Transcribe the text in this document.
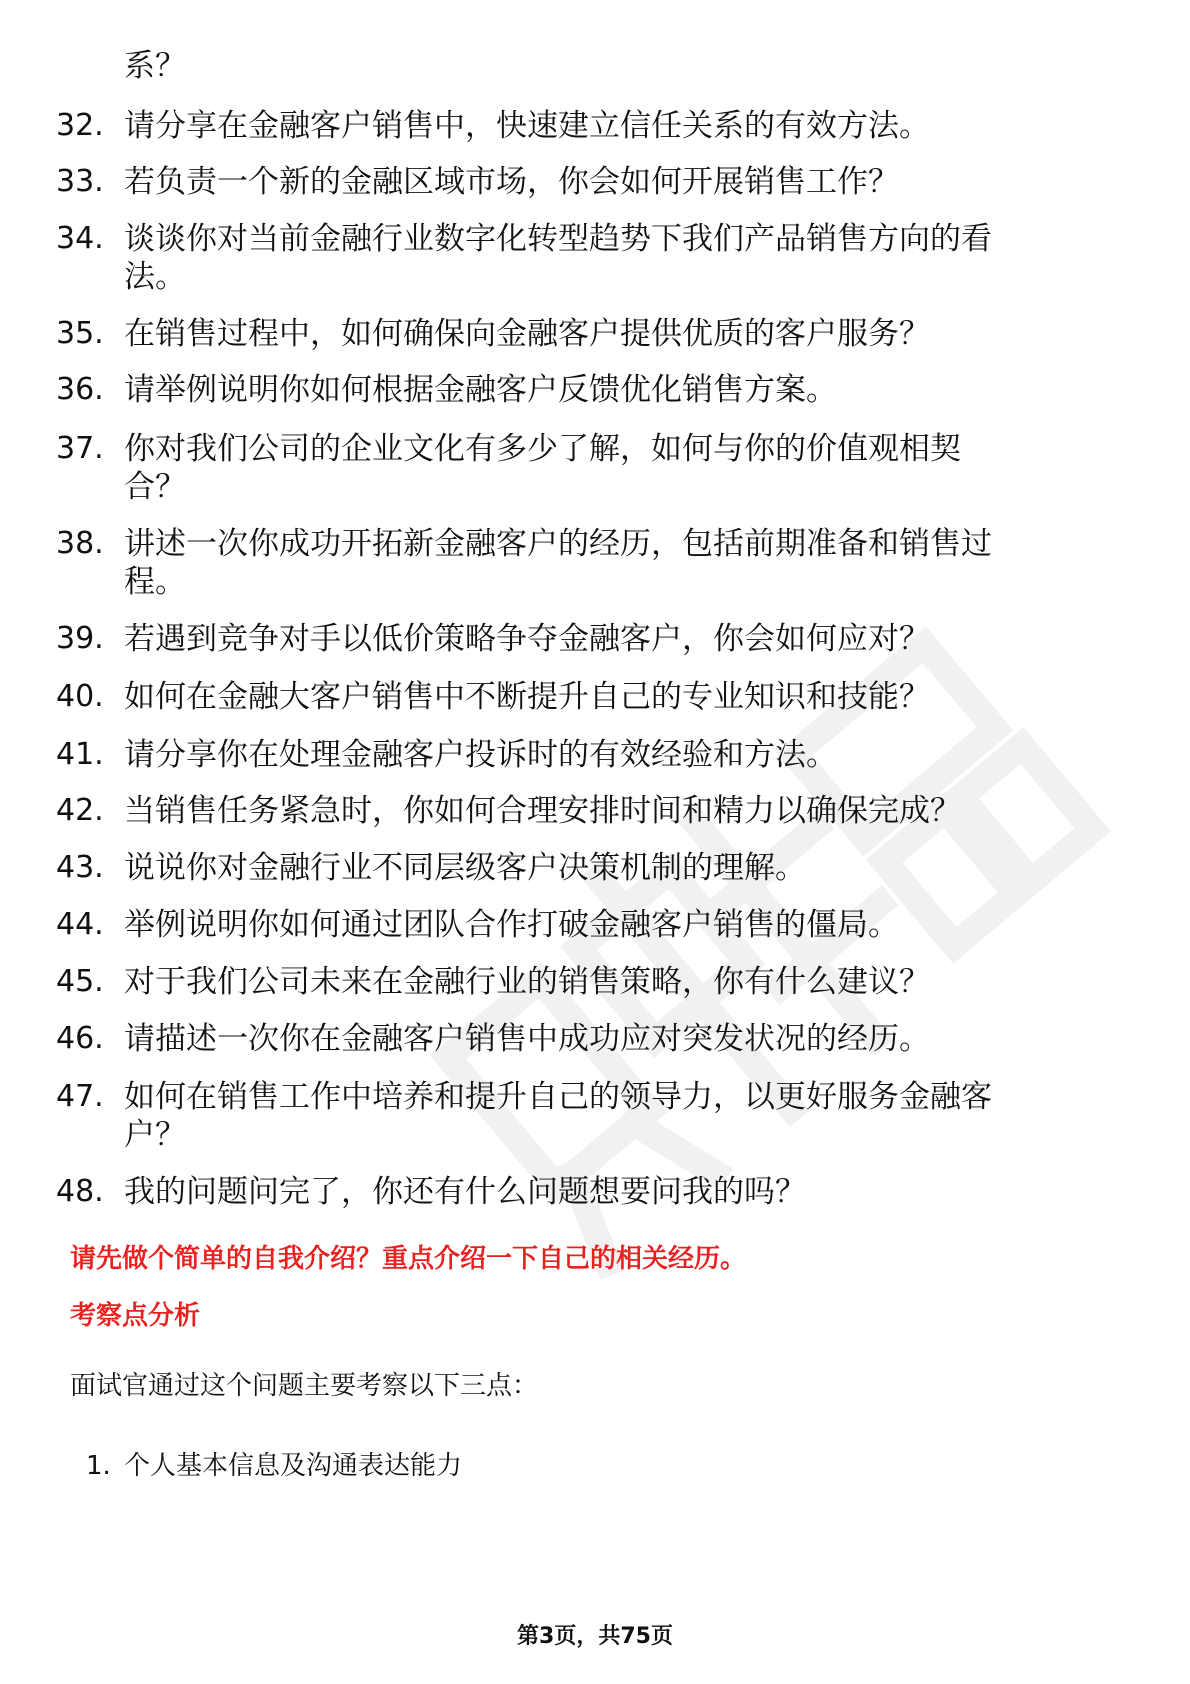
系？
32. 请分享在金融客户销售中，快速建立信任关系的有效方法。
33. 若负责一个新的金融区域市场，你会如何开展销售工作？
34. 谈谈你对当前金融行业数字化转型趋势下我们产品销售方向的看
法。
35. 在销售过程中，如何确保向金融客户提供优质的客户服务？
36. 请举例说明你如何根据金融客户反馈优化销售方案。
37. 你对我们公司的企业文化有多少了解，如何与你的价值观相契
合？
38. 讲述一次你成功开拓新金融客户的经历，包括前期准备和销售过
程。
39. 若遇到竞争对手以低价策略争夺金融客户，你会如何应对？
40. 如何在金融大客户销售中不断提升自己的专业知识和技能？
41. 请分享你在处理金融客户投诉时的有效经验和方法。
42. 当销售任务紧急时，你如何合理安排时间和精力以确保完成？
43. 说说你对金融行业不同层级客户决策机制的理解。
44. 举例说明你如何通过团队合作打破金融客户销售的僵局。
45. 对于我们公司未来在金融行业的销售策略，你有什么建议？
46. 请描述一次你在金融客户销售中成功应对突发状况的经历。
47. 如何在销售工作中培养和提升自己的领导力，以更好服务金融客
户？
48. 我的问题问完了，你还有什么问题想要问我的吗？
请先做个简单的自我介绍？重点介绍一下自己的相关经历。
考察点分析
面试官通过这个问题主要考察以下三点：
1. 个人基本信息及沟通表达能力
第3页，共75页
